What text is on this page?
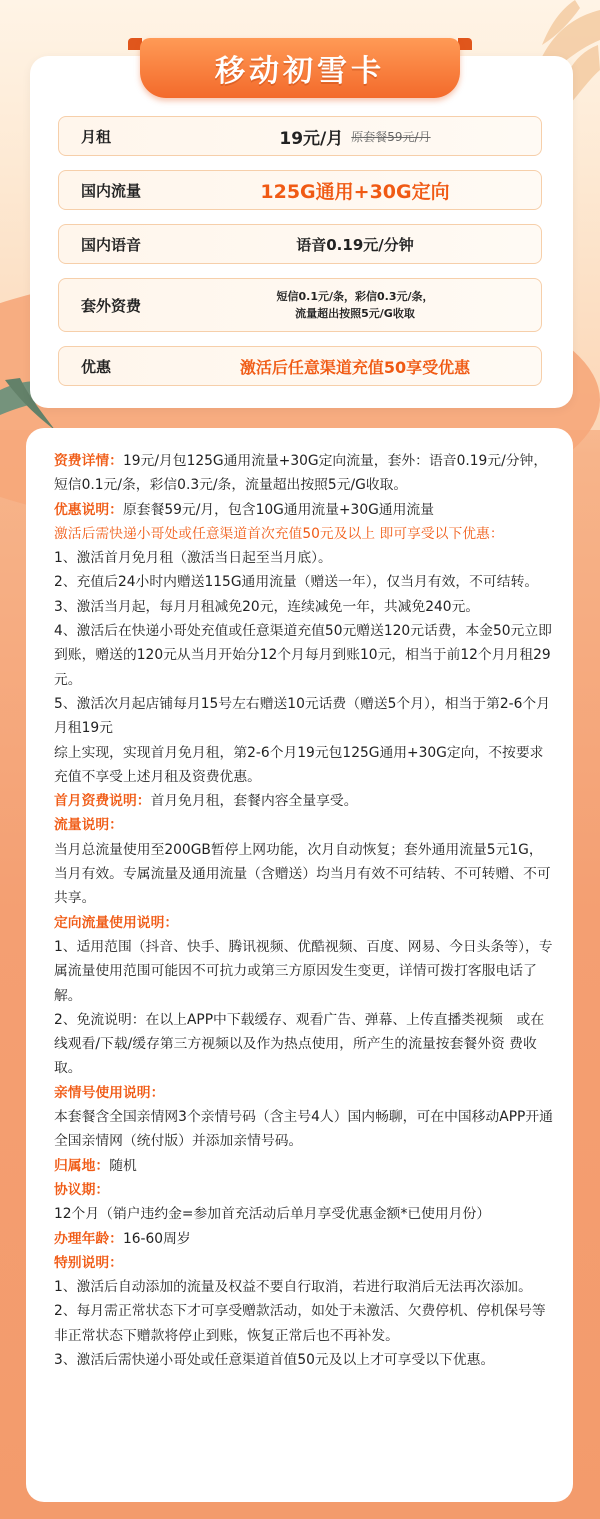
移动初雪卡
月租	19元/月 原套餐59元/月
国内流量	125G通用+30G定向
国内语音	语音0.19元/分钟
套外资费	短信0.1元/条，彩信0.3元/条，
流量超出按照5元/G收取
优惠	激活后任意渠道充值50享受优惠

资费详情：19元/月包125G通用流量+30G定向流量，套外：语音0.19元/分钟，短信0.1元/条，彩信0.3元/条，流量超出按照5元/G收取。

优惠说明：原套餐59元/月，包含10G通用流量+30G通用流量

激活后需快递小哥处或任意渠道首次充值50元及以上 即可享受以下优惠：

1、激活首月免月租（激活当日起至当月底）。

2、充值后24小时内赠送115G通用流量（赠送一年），仅当月有效，不可结转。

3、激活当月起，每月月租减免20元，连续减免一年，共减免240元。

4、激活后在快递小哥处充值或任意渠道充值50元赠送120元话费，本金50元立即到账，赠送的120元从当月开始分12个月每月到账10元，相当于前12个月月租29元。

5、激活次月起店铺每月15号左右赠送10元话费（赠送5个月），相当于第2-6个月月租19元

综上实现，实现首月免月租，第2-6个月19元包125G通用+30G定向，不按要求充值不享受上述月租及资费优惠。

首月资费说明：首月免月租，套餐内容全量享受。

流量说明：

当月总流量使用至200GB暂停上网功能，次月自动恢复；套外通用流量5元1G，当月有效。专属流量及通用流量（含赠送）均当月有效不可结转、不可转赠、不可共享。

定向流量使用说明：

1、适用范围（抖音、快手、腾讯视频、优酷视频、百度、网易、今日头条等），专属流量使用范围可能因不可抗力或第三方原因发生变更，详情可拨打客服电话了解。

2、免流说明：在以上APP中下载缓存、观看广告、弹幕、上传直播类视频　或在线观看/下载/缓存第三方视频以及作为热点使用，所产生的流量按套餐外资 费收取。

亲情号使用说明：

本套餐含全国亲情网3个亲情号码（含主号4人）国内畅聊，可在中国移动APP开通全国亲情网（统付版）并添加亲情号码。

归属地：随机

协议期：

12个月（销户违约金=参加首充活动后单月享受优惠金额*已使用月份）

办理年龄：16-60周岁

特别说明：

1、激活后自动添加的流量及权益不要自行取消，若进行取消后无法再次添加。

2、每月需正常状态下才可享受赠款活动，如处于未激活、欠费停机、停机保号等非正常状态下赠款将停止到账，恢复正常后也不再补发。

3、激活后需快递小哥处或任意渠道首值50元及以上才可享受以下优惠。
